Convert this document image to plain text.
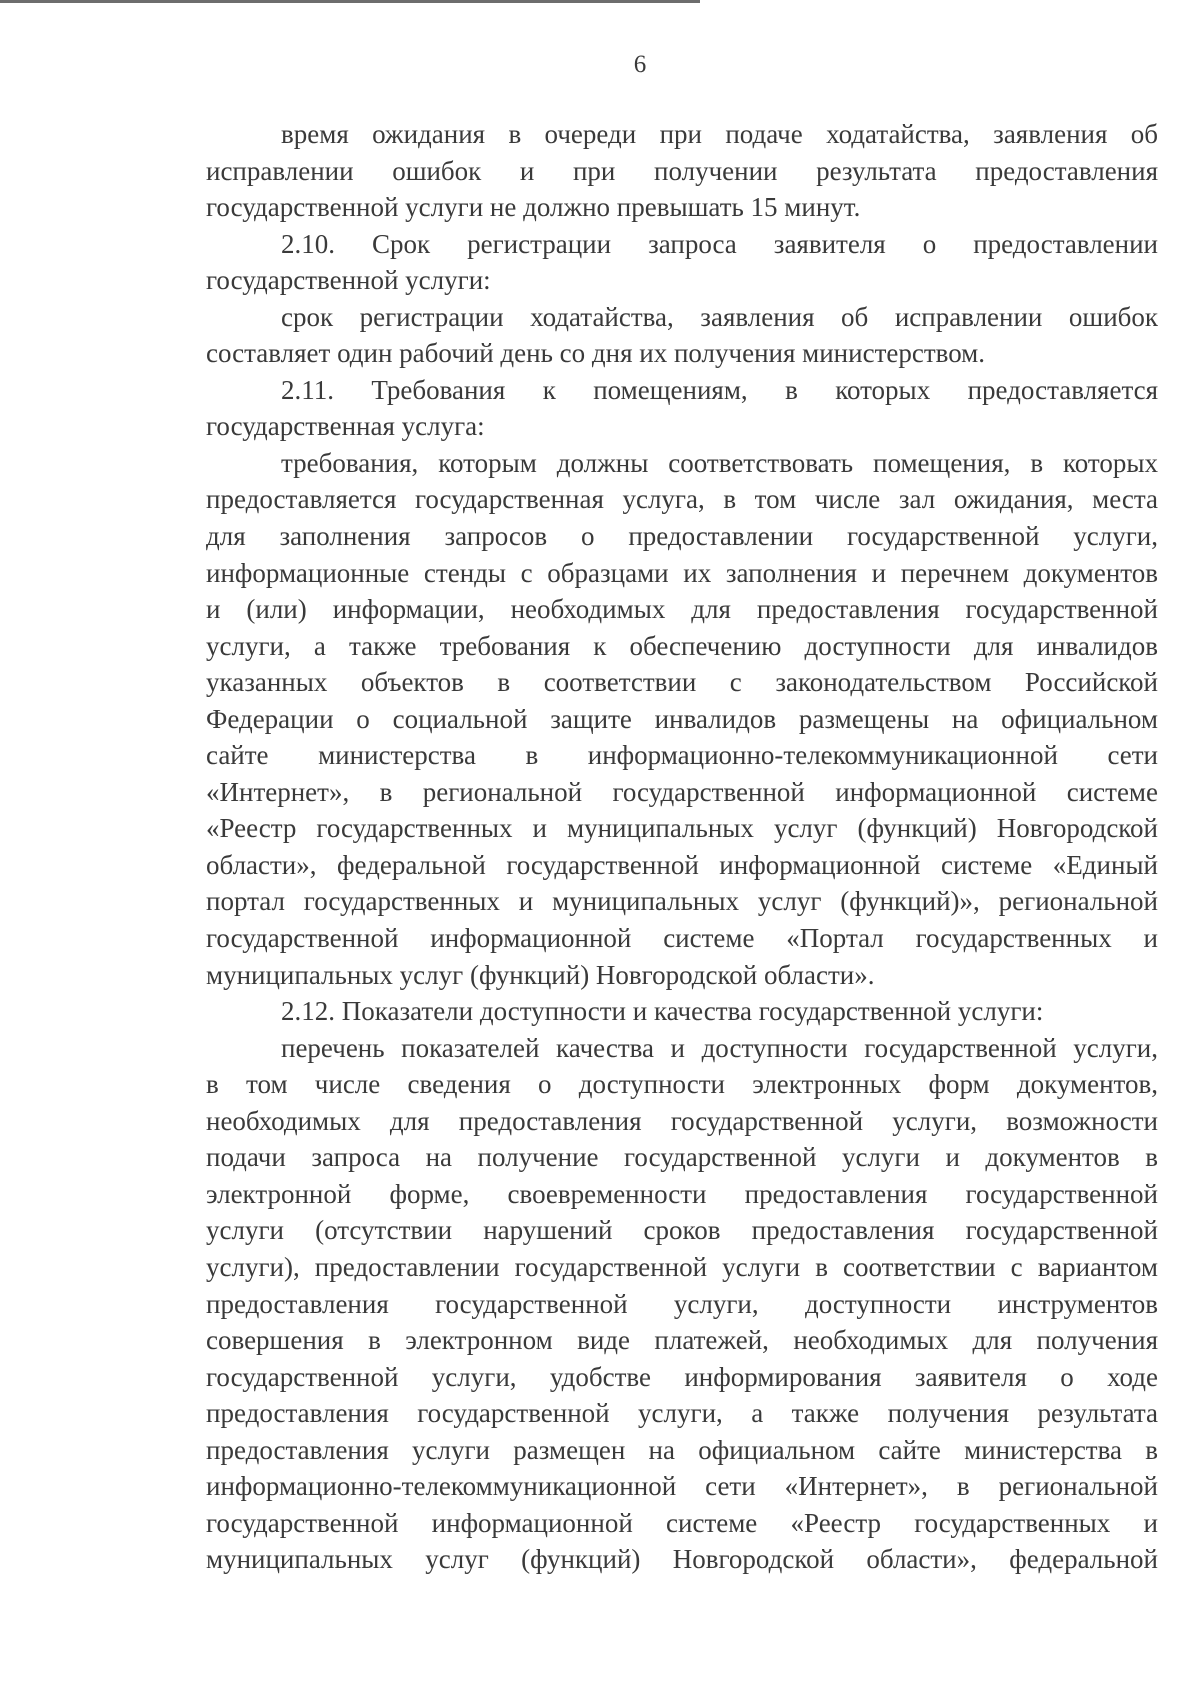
6
время ожидания в очереди при подаче ходатайства, заявления об
исправлении ошибок и при получении результата предоставления
государственной услуги не должно превышать 15 минут.
2.10. Срок регистрации запроса заявителя о предоставлении
государственной услуги:
срок регистрации ходатайства, заявления об исправлении ошибок
составляет один рабочий день со дня их получения министерством.
2.11. Требования к помещениям, в которых предоставляется
государственная услуга:
требования, которым должны соответствовать помещения, в которых
предоставляется государственная услуга, в том числе зал ожидания, места
для заполнения запросов о предоставлении государственной услуги,
информационные стенды с образцами их заполнения и перечнем документов
и (или) информации, необходимых для предоставления государственной
услуги, а также требования к обеспечению доступности для инвалидов
указанных объектов в соответствии с законодательством Российской
Федерации о социальной защите инвалидов размещены на официальном
сайте министерства в информационно-телекоммуникационной сети
«Интернет», в региональной государственной информационной системе
«Реестр государственных и муниципальных услуг (функций) Новгородской
области», федеральной государственной информационной системе «Единый
портал государственных и муниципальных услуг (функций)», региональной
государственной информационной системе «Портал государственных и
муниципальных услуг (функций) Новгородской области».
2.12. Показатели доступности и качества государственной услуги:
перечень показателей качества и доступности государственной услуги,
в том числе сведения о доступности электронных форм документов,
необходимых для предоставления государственной услуги, возможности
подачи запроса на получение государственной услуги и документов в
электронной форме, своевременности предоставления государственной
услуги (отсутствии нарушений сроков предоставления государственной
услуги), предоставлении государственной услуги в соответствии с вариантом
предоставления государственной услуги, доступности инструментов
совершения в электронном виде платежей, необходимых для получения
государственной услуги, удобстве информирования заявителя о ходе
предоставления государственной услуги, а также получения результата
предоставления услуги размещен на официальном сайте министерства в
информационно-телекоммуникационной сети «Интернет», в региональной
государственной информационной системе «Реестр государственных и
муниципальных услуг (функций) Новгородской области», федеральной
